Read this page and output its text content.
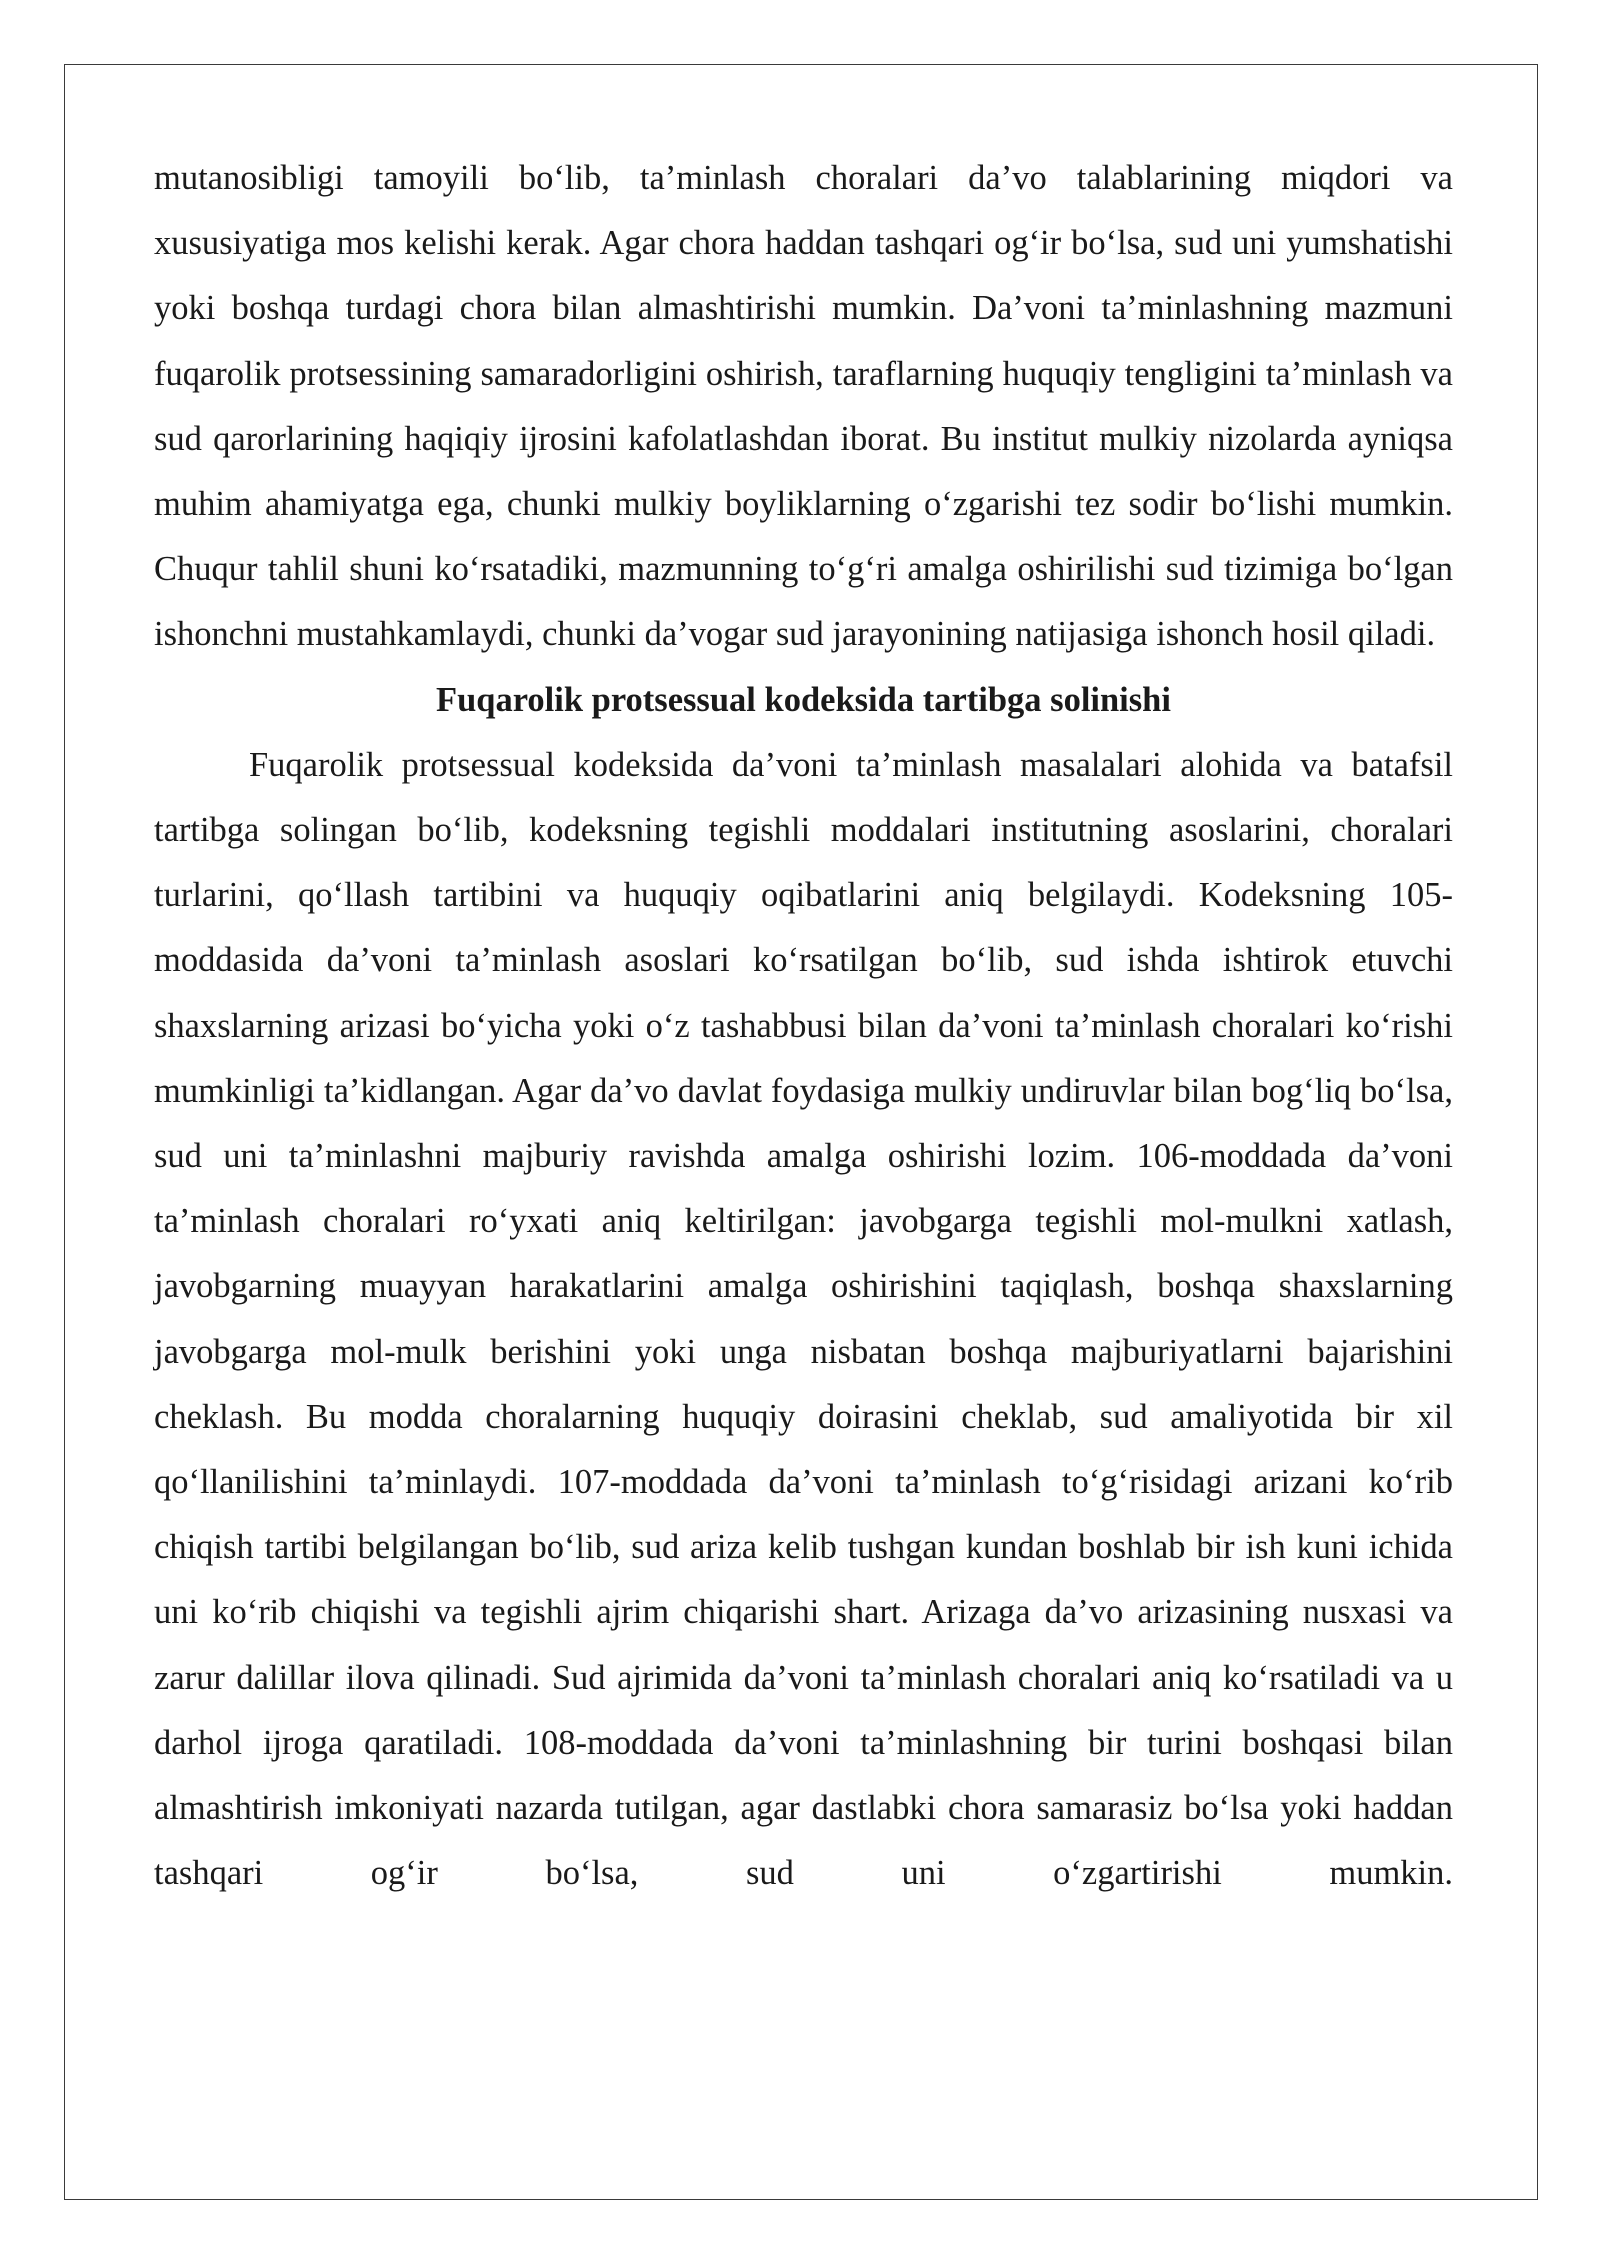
mutanosibligi tamoyili bo‘lib, ta’minlash choralari da’vo talablarining miqdori va xususiyatiga mos kelishi kerak. Agar chora haddan tashqari og‘ir bo‘lsa, sud uni yumshatishi yoki boshqa turdagi chora bilan almashtirishi mumkin. Da’voni ta’minlashning mazmuni fuqarolik protsessining samaradorligini oshirish, taraflarning huquqiy tengligini ta’minlash va sud qarorlarining haqiqiy ijrosini kafolatlashdan iborat. Bu institut mulkiy nizolarda ayniqsa muhim ahamiyatga ega, chunki mulkiy boyliklarning o‘zgarishi tez sodir bo‘lishi mumkin. Chuqur tahlil shuni ko‘rsatadiki, mazmunning to‘g‘ri amalga oshirilishi sud tizimiga bo‘lgan ishonchni mustahkamlaydi, chunki da’vogar sud jarayonining natijasiga ishonch hosil qiladi.

Fuqarolik protsessual kodeksida tartibga solinishi

Fuqarolik protsessual kodeksida da’voni ta’minlash masalalari alohida va batafsil tartibga solingan bo‘lib, kodeksning tegishli moddalari institutning asoslarini, choralari turlarini, qo‘llash tartibini va huquqiy oqibatlarini aniq belgilaydi. Kodeksning 105-moddasida da’voni ta’minlash asoslari ko‘rsatilgan bo‘lib, sud ishda ishtirok etuvchi shaxslarning arizasi bo‘yicha yoki o‘z tashabbusi bilan da’voni ta’minlash choralari ko‘rishi mumkinligi ta’kidlangan. Agar da’vo davlat foydasiga mulkiy undiruvlar bilan bog‘liq bo‘lsa, sud uni ta’minlashni majburiy ravishda amalga oshirishi lozim. 106-moddada da’voni ta’minlash choralari ro‘yxati aniq keltirilgan: javobgarga tegishli mol-mulkni xatlash, javobgarning muayyan harakatlarini amalga oshirishini taqiqlash, boshqa shaxslarning javobgarga mol-mulk berishini yoki unga nisbatan boshqa majburiyatlarni bajarishini cheklash. Bu modda choralarning huquqiy doirasini cheklab, sud amaliyotida bir xil qo‘llanilishini ta’minlaydi. 107-moddada da’voni ta’minlash to‘g‘risidagi arizani ko‘rib chiqish tartibi belgilangan bo‘lib, sud ariza kelib tushgan kundan boshlab bir ish kuni ichida uni ko‘rib chiqishi va tegishli ajrim chiqarishi shart. Arizaga da’vo arizasining nusxasi va zarur dalillar ilova qilinadi. Sud ajrimida da’voni ta’minlash choralari aniq ko‘rsatiladi va u darhol ijroga qaratiladi. 108-moddada da’voni ta’minlashning bir turini boshqasi bilan almashtirish imkoniyati nazarda tutilgan, agar dastlabki chora samarasiz bo‘lsa yoki haddan tashqari og‘ir bo‘lsa, sud uni o‘zgartirishi mumkin.
